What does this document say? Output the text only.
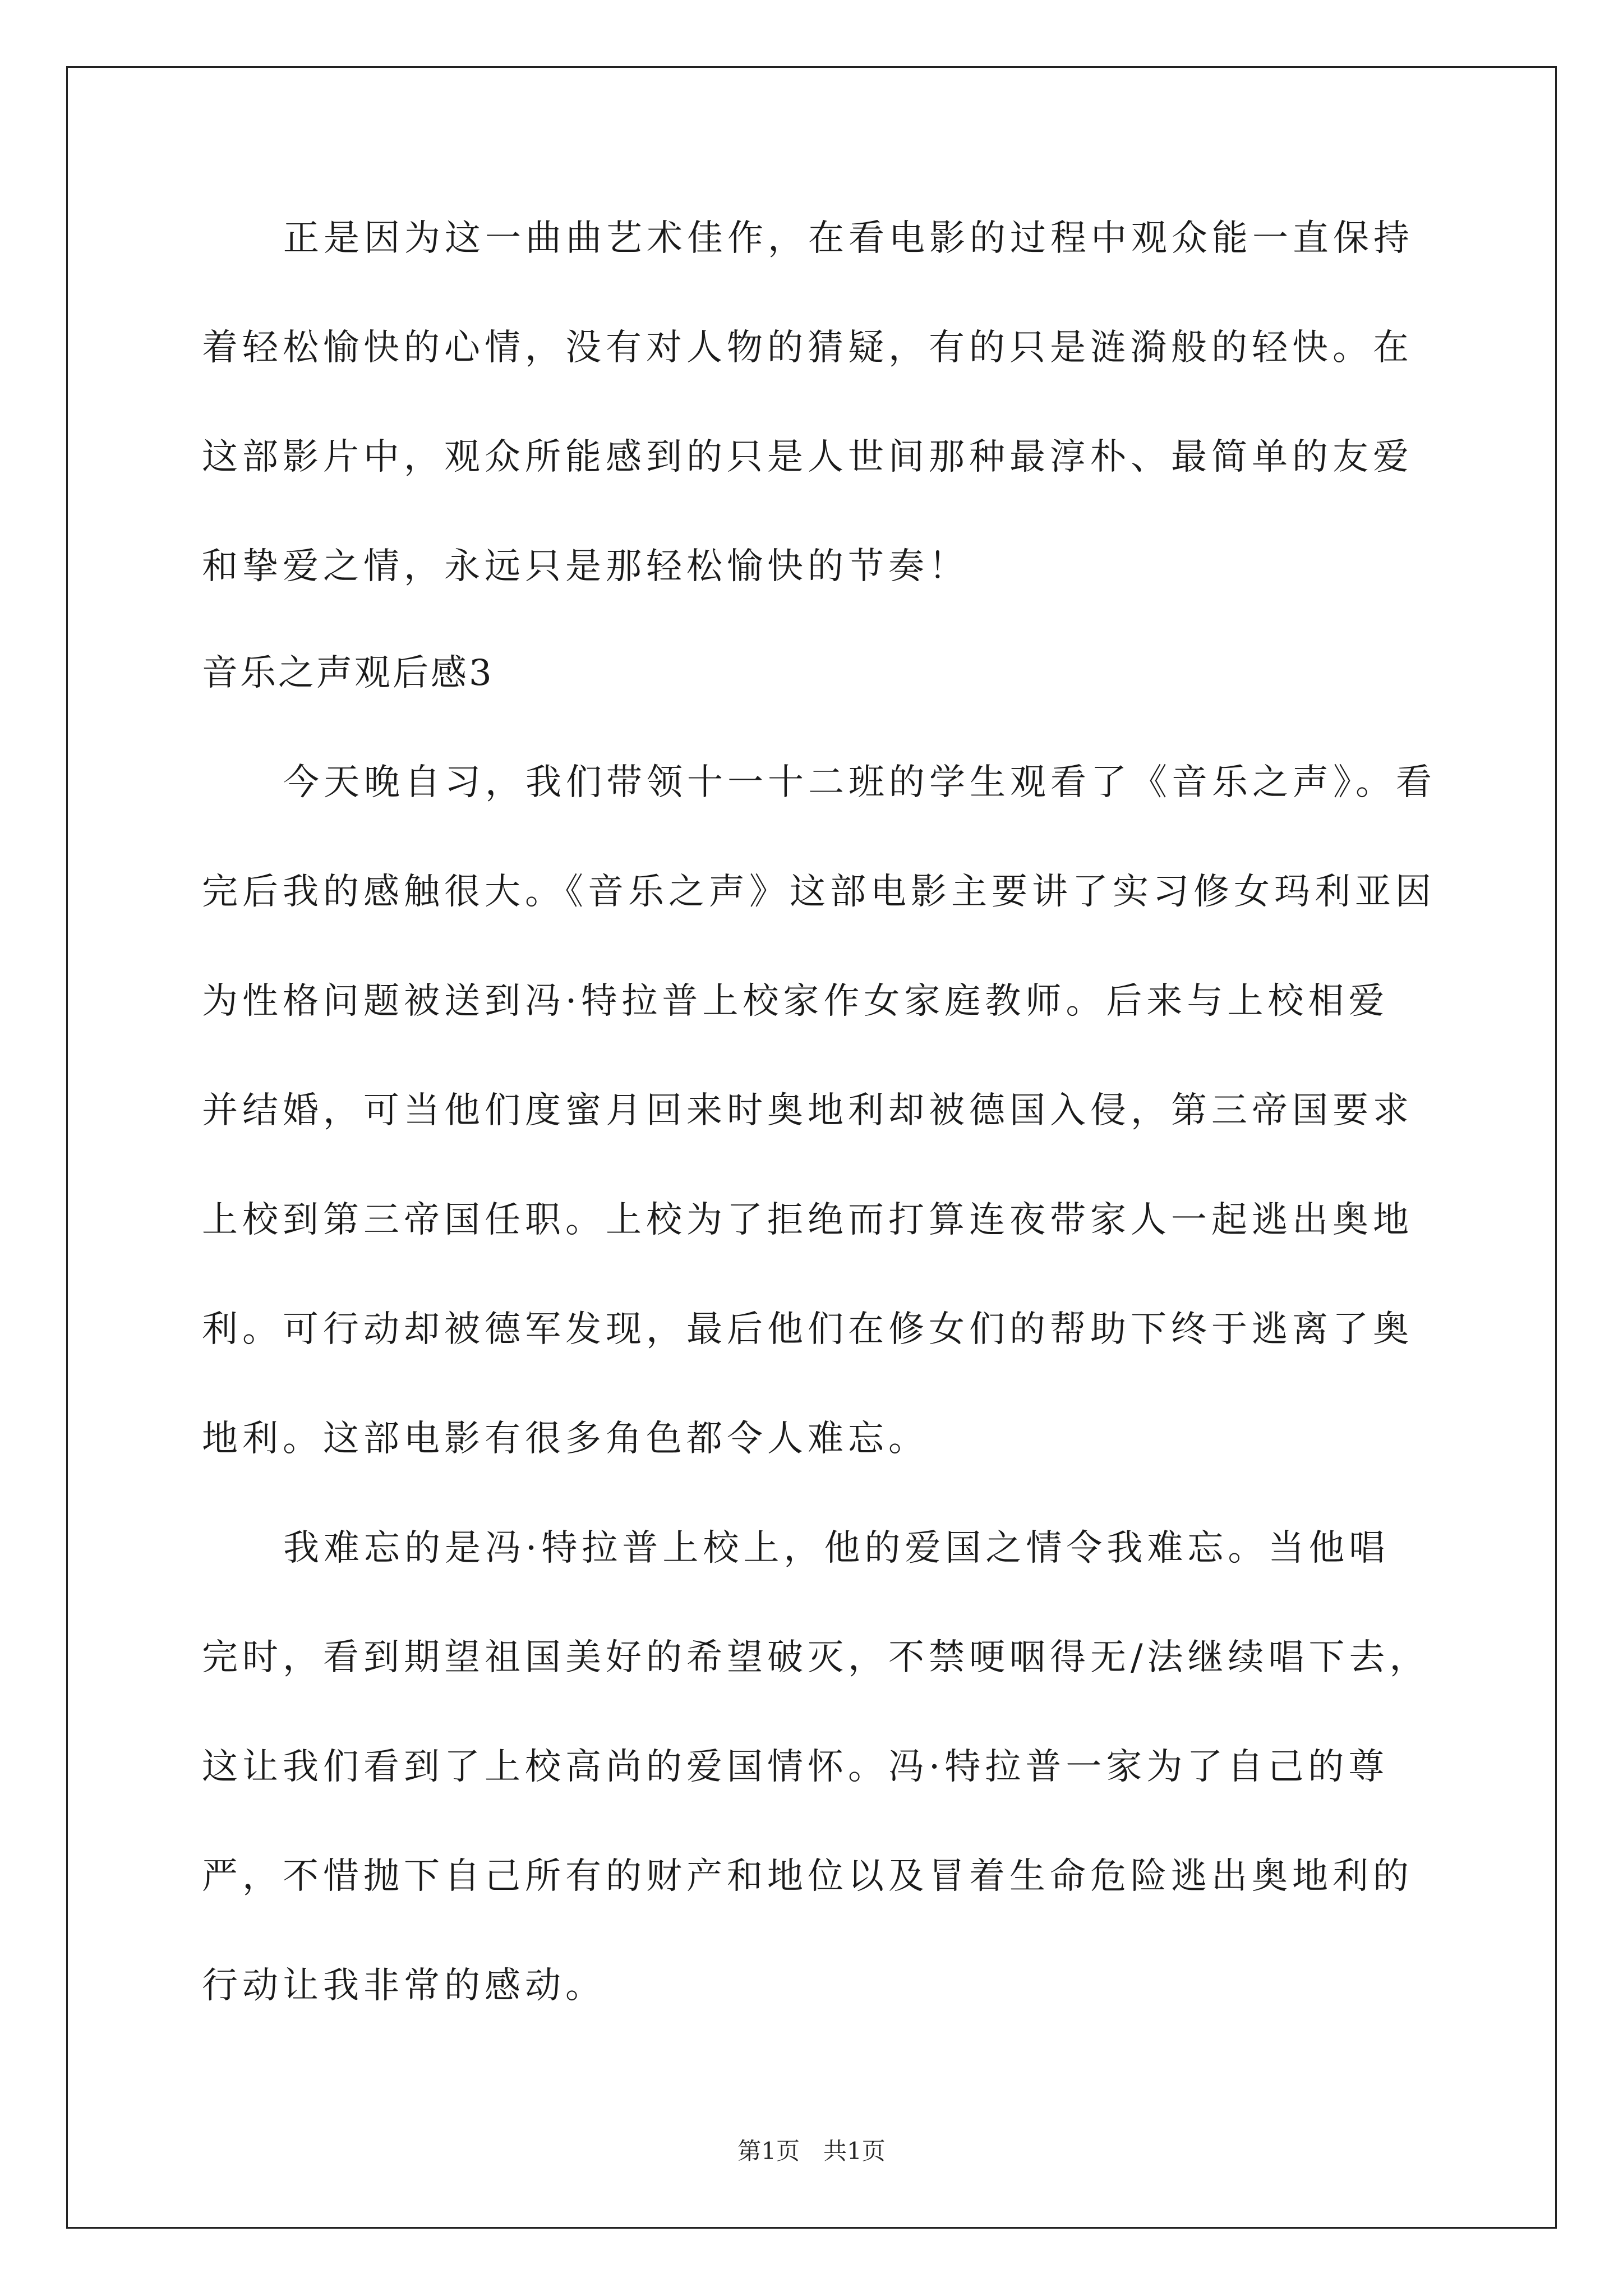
正是因为这一曲曲艺术佳作，在看电影的过程中观众能一直保持
着轻松愉快的心情，没有对人物的猜疑，有的只是涟漪般的轻快。在
这部影片中，观众所能感到的只是人世间那种最淳朴、最简单的友爱
和挚爱之情，永远只是那轻松愉快的节奏！
音乐之声观后感3
今天晚自习，我们带领十一十二班的学生观看了《音乐之声》。看
完后我的感触很大。《音乐之声》这部电影主要讲了实习修女玛利亚因
为性格问题被送到冯·特拉普上校家作女家庭教师。后来与上校相爱
并结婚，可当他们度蜜月回来时奥地利却被德国入侵，第三帝国要求
上校到第三帝国任职。上校为了拒绝而打算连夜带家人一起逃出奥地
利。可行动却被德军发现，最后他们在修女们的帮助下终于逃离了奥
地利。这部电影有很多角色都令人难忘。
我难忘的是冯·特拉普上校上，他的爱国之情令我难忘。当他唱
完时，看到期望祖国美好的希望破灭，不禁哽咽得无/法继续唱下去，
这让我们看到了上校高尚的爱国情怀。冯·特拉普一家为了自己的尊
严，不惜抛下自己所有的财产和地位以及冒着生命危险逃出奥地利的
行动让我非常的感动。
第1页　共1页
